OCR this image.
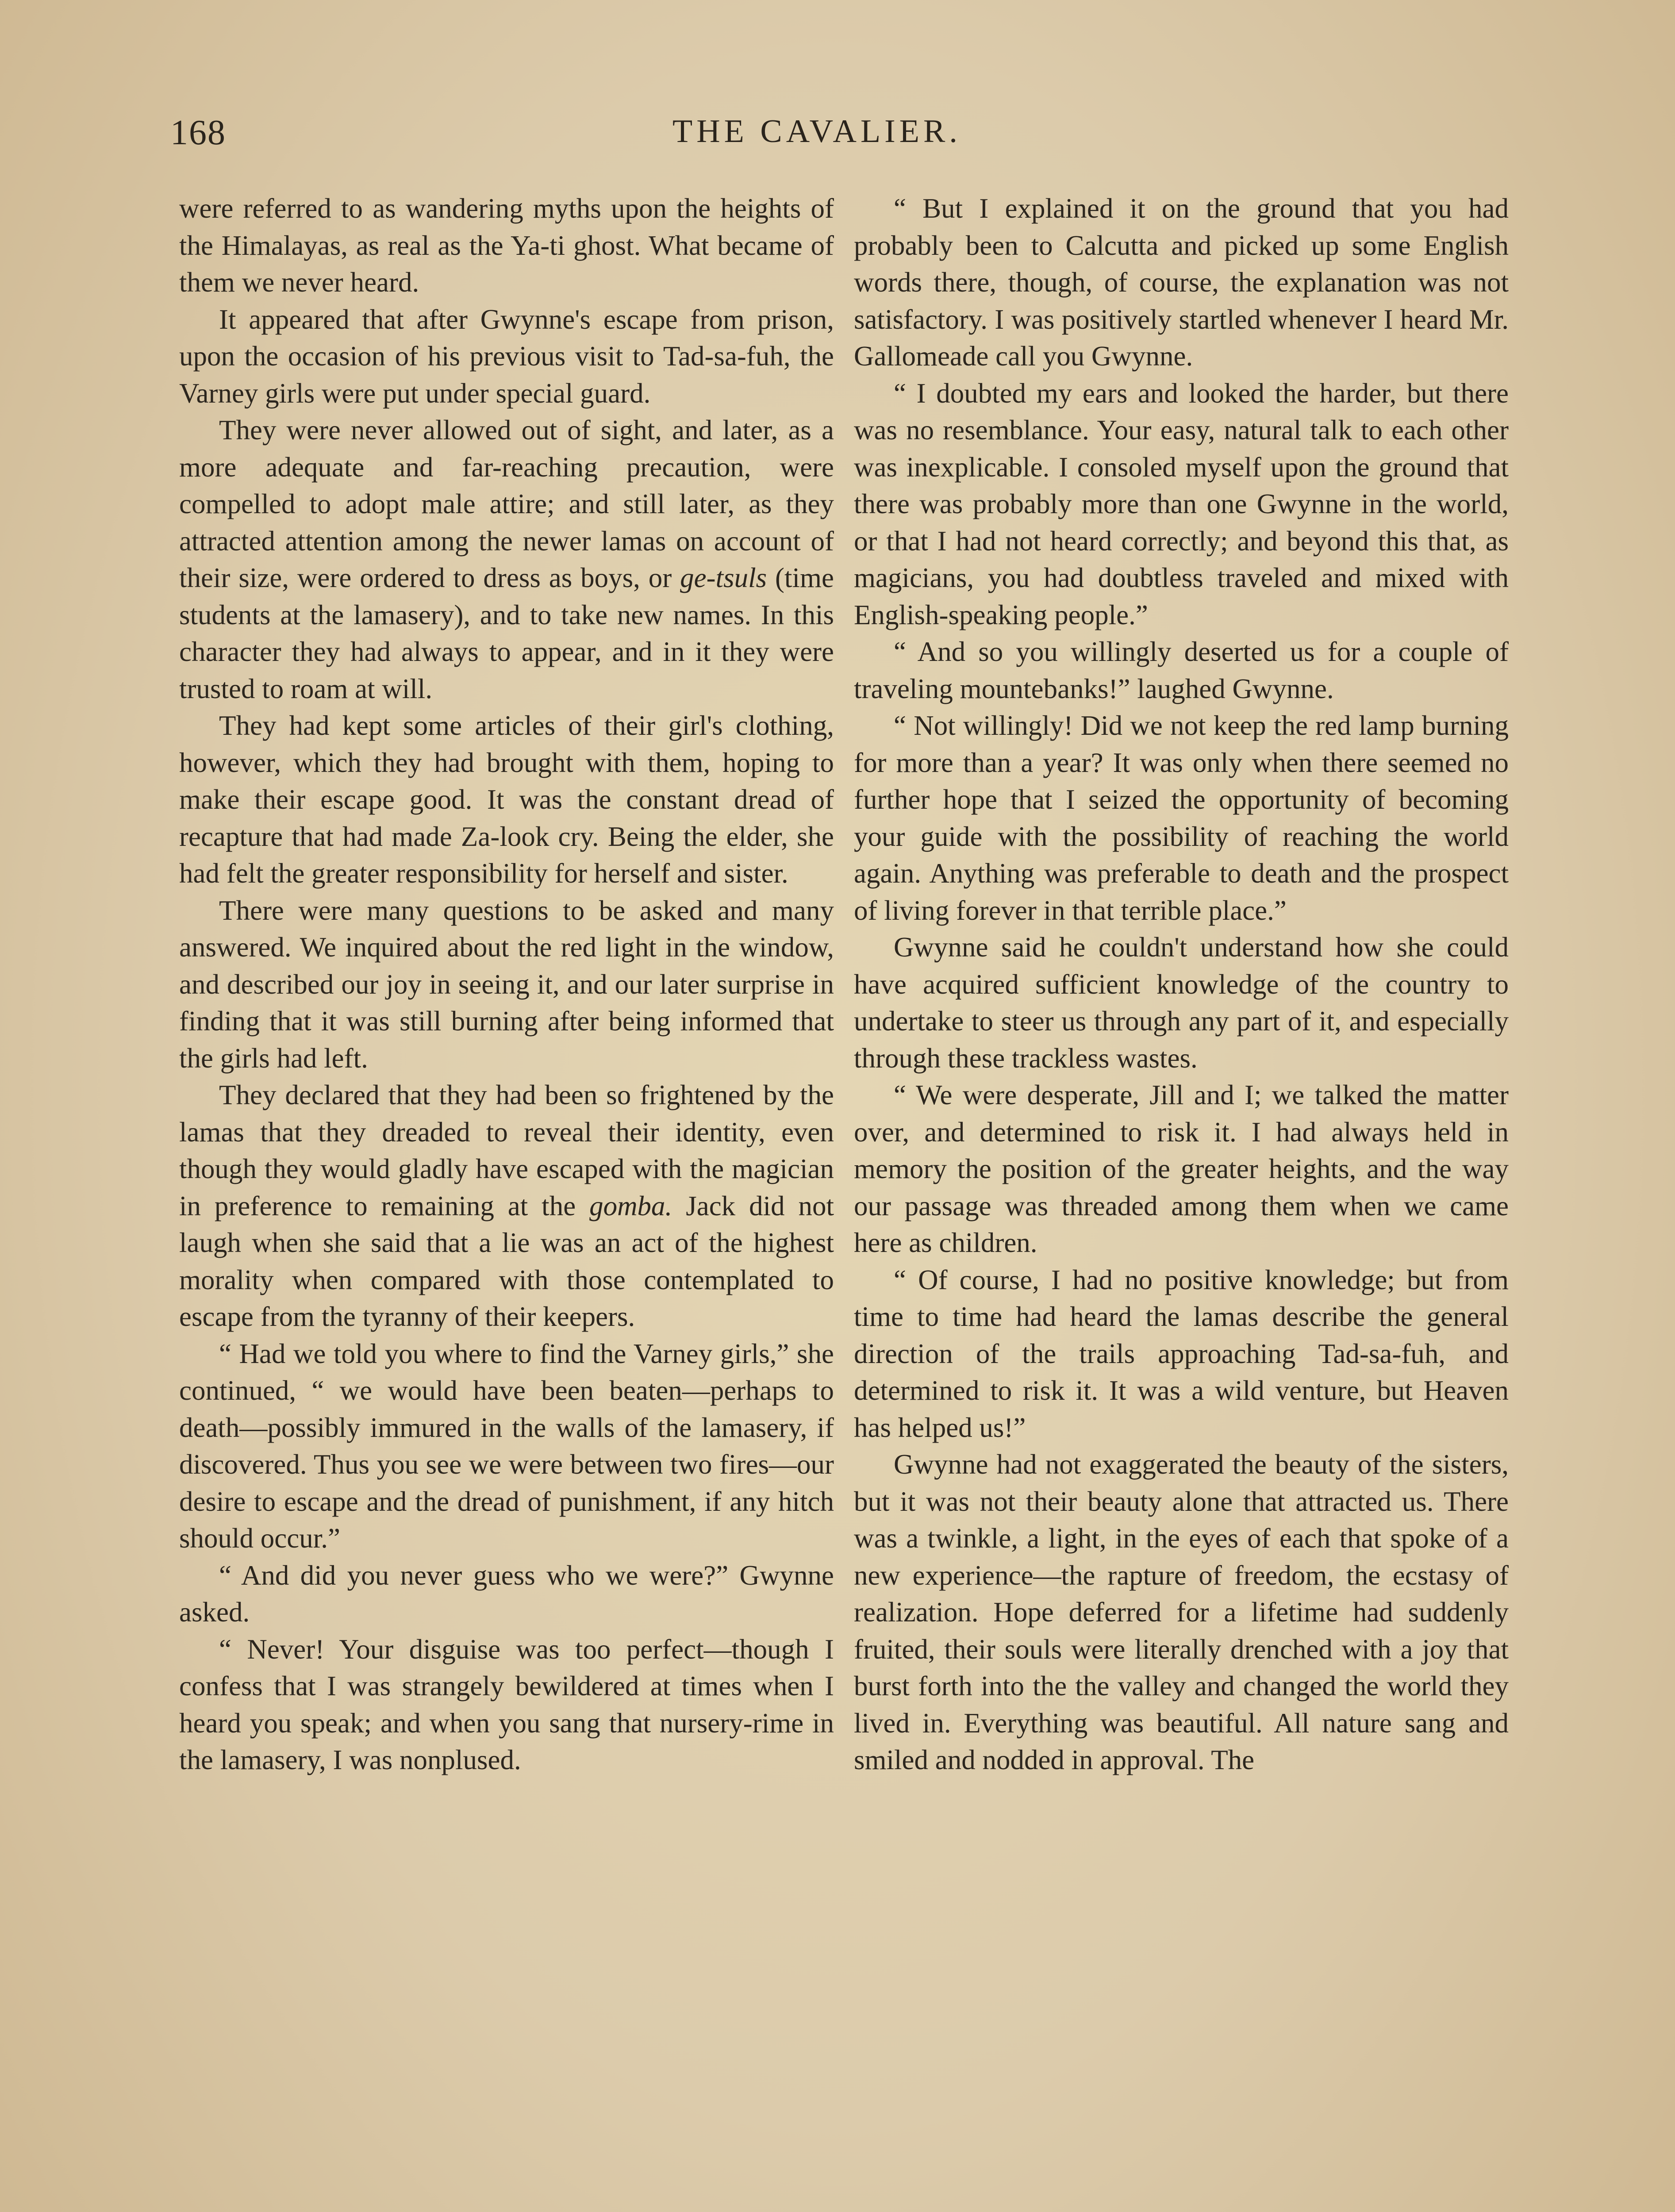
168	THE CAVALIER.

were referred to as wandering myths upon the heights of the Himalayas, as real as the Ya-ti ghost. What became of them we never heard.

It appeared that after Gwynne's escape from prison, upon the occasion of his previous visit to Tad-sa-fuh, the Varney girls were put under special guard.

They were never allowed out of sight, and later, as a more adequate and far-reaching precaution, were compelled to adopt male attire; and still later, as they attracted attention among the newer lamas on account of their size, were ordered to dress as boys, or ge-tsuls (time students at the lamasery), and to take new names. In this character they had always to appear, and in it they were trusted to roam at will.

They had kept some articles of their girl's clothing, however, which they had brought with them, hoping to make their escape good. It was the constant dread of recapture that had made Za-look cry. Being the elder, she had felt the greater responsibility for herself and sister.

There were many questions to be asked and many answered. We inquired about the red light in the window, and described our joy in seeing it, and our later surprise in finding that it was still burning after being informed that the girls had left.

They declared that they had been so frightened by the lamas that they dreaded to reveal their identity, even though they would gladly have escaped with the magician in preference to remaining at the gomba. Jack did not laugh when she said that a lie was an act of the highest morality when compared with those contemplated to escape from the tyranny of their keepers.

“ Had we told you where to find the Varney girls,” she continued, “ we would have been beaten—perhaps to death—possibly immured in the walls of the lamasery, if discovered. Thus you see we were between two fires—our desire to escape and the dread of punishment, if any hitch should occur.”

“ And did you never guess who we were?” Gwynne asked.

“ Never! Your disguise was too perfect—though I confess that I was strangely bewildered at times when I heard you speak; and when you sang that nursery-rime in the lamasery, I was nonplused.

“ But I explained it on the ground that you had probably been to Calcutta and picked up some English words there, though, of course, the explanation was not satisfactory. I was positively startled whenever I heard Mr. Gallomeade call you Gwynne.

“ I doubted my ears and looked the harder, but there was no resemblance. Your easy, natural talk to each other was inexplicable. I consoled myself upon the ground that there was probably more than one Gwynne in the world, or that I had not heard correctly; and beyond this that, as magicians, you had doubtless traveled and mixed with English-speaking people.”

“ And so you willingly deserted us for a couple of traveling mountebanks!” laughed Gwynne.

“ Not willingly! Did we not keep the red lamp burning for more than a year? It was only when there seemed no further hope that I seized the opportunity of becoming your guide with the possibility of reaching the world again. Anything was preferable to death and the prospect of living forever in that terrible place.”

Gwynne said he couldn't understand how she could have acquired sufficient knowledge of the country to undertake to steer us through any part of it, and especially through these trackless wastes.

“ We were desperate, Jill and I; we talked the matter over, and determined to risk it. I had always held in memory the position of the greater heights, and the way our passage was threaded among them when we came here as children.

“ Of course, I had no positive knowledge; but from time to time had heard the lamas describe the general direction of the trails approaching Tad-sa-fuh, and determined to risk it. It was a wild venture, but Heaven has helped us!”

Gwynne had not exaggerated the beauty of the sisters, but it was not their beauty alone that attracted us. There was a twinkle, a light, in the eyes of each that spoke of a new experience—the rapture of freedom, the ecstasy of realization. Hope deferred for a lifetime had suddenly fruited, their souls were literally drenched with a joy that burst forth into the the valley and changed the world they lived in. Everything was beautiful. All nature sang and smiled and nodded in approval. The
